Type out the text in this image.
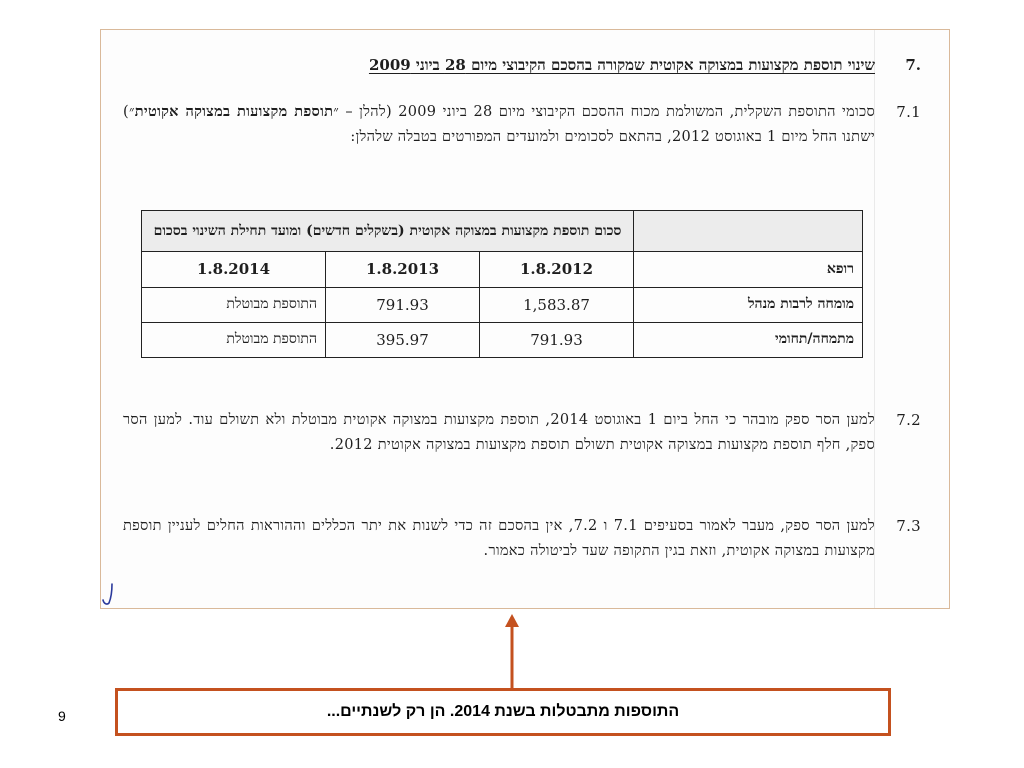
.7
שינוי תוספת מקצועות במצוקה אקוטית שמקורה בהסכם הקיבוצי מיום 28 ביוני 2009
7.1
סכומי התוספת השקלית, המשולמת מכוח ההסכם הקיבוצי מיום 28 ביוני 2009 (להלן – ״תוספת מקצועות במצוקה אקוטית״) ישתנו החל מיום 1 באוגוסט 2012, בהתאם לסכומים ולמועדים המפורטים בטבלה שלהלן:
	סכום תוספת מקצועות במצוקה אקוטית (בשקלים חדשים) ומועד תחילת השינוי בסכום		
רופא	1.8.2012	1.8.2013	1.8.2014
מומחה לרבות מנהל	1,583.87	791.93	התוספת מבוטלת
מתמחה/תחומי	791.93	395.97	התוספת מבוטלת
7.2
למען הסר ספק מובהר כי החל ביום 1 באוגוסט 2014, תוספת מקצועות במצוקה אקוטית מבוטלת ולא תשולם עוד. למען הסר ספק, חלף תוספת מקצועות במצוקה אקוטית תשולם תוספת מקצועות במצוקה אקוטית 2012.
7.3
למען הסר ספק, מעבר לאמור בסעיפים 7.1 ו 7.2, אין בהסכם זה כדי לשנות את יתר הכללים וההוראות החלים לעניין תוספת מקצועות במצוקה אקוטית, וזאת בגין התקופה שעד לביטולה כאמור.
התוספות מתבטלות בשנת 2014. הן רק לשנתיים...
9
